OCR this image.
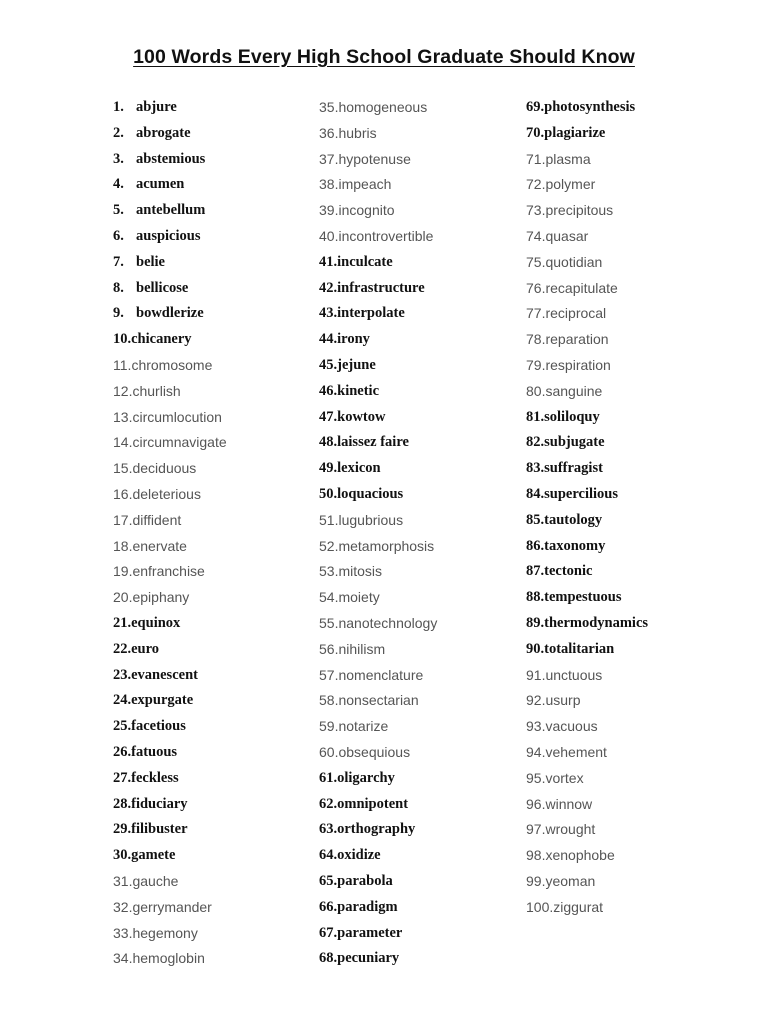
100 Words Every High School Graduate Should Know
1. abjure
2. abrogate
3. abstemious
4. acumen
5. antebellum
6. auspicious
7. belie
8. bellicose
9. bowdlerize
10.chicanery
11.chromosome
12.churlish
13.circumlocution
14.circumnavigate
15.deciduous
16.deleterious
17.diffident
18.enervate
19.enfranchise
20.epiphany
21.equinox
22.euro
23.evanescent
24.expurgate
25.facetious
26.fatuous
27.feckless
28.fiduciary
29.filibuster
30.gamete
31.gauche
32.gerrymander
33.hegemony
34.hemoglobin
35.homogeneous
36.hubris
37.hypotenuse
38.impeach
39.incognito
40.incontrovertible
41.inculcate
42.infrastructure
43.interpolate
44.irony
45.jejune
46.kinetic
47.kowtow
48.laissez faire
49.lexicon
50.loquacious
51.lugubrious
52.metamorphosis
53.mitosis
54.moiety
55.nanotechnology
56.nihilism
57.nomenclature
58.nonsectarian
59.notarize
60.obsequious
61.oligarchy
62.omnipotent
63.orthography
64.oxidize
65.parabola
66.paradigm
67.parameter
68.pecuniary
69.photosynthesis
70.plagiarize
71.plasma
72.polymer
73.precipitous
74.quasar
75.quotidian
76.recapitulate
77.reciprocal
78.reparation
79.respiration
80.sanguine
81.soliloquy
82.subjugate
83.suffragist
84.supercilious
85.tautology
86.taxonomy
87.tectonic
88.tempestuous
89.thermodynamics
90.totalitarian
91.unctuous
92.usurp
93.vacuous
94.vehement
95.vortex
96.winnow
97.wrought
98.xenophobe
99.yeoman
100.ziggurat
